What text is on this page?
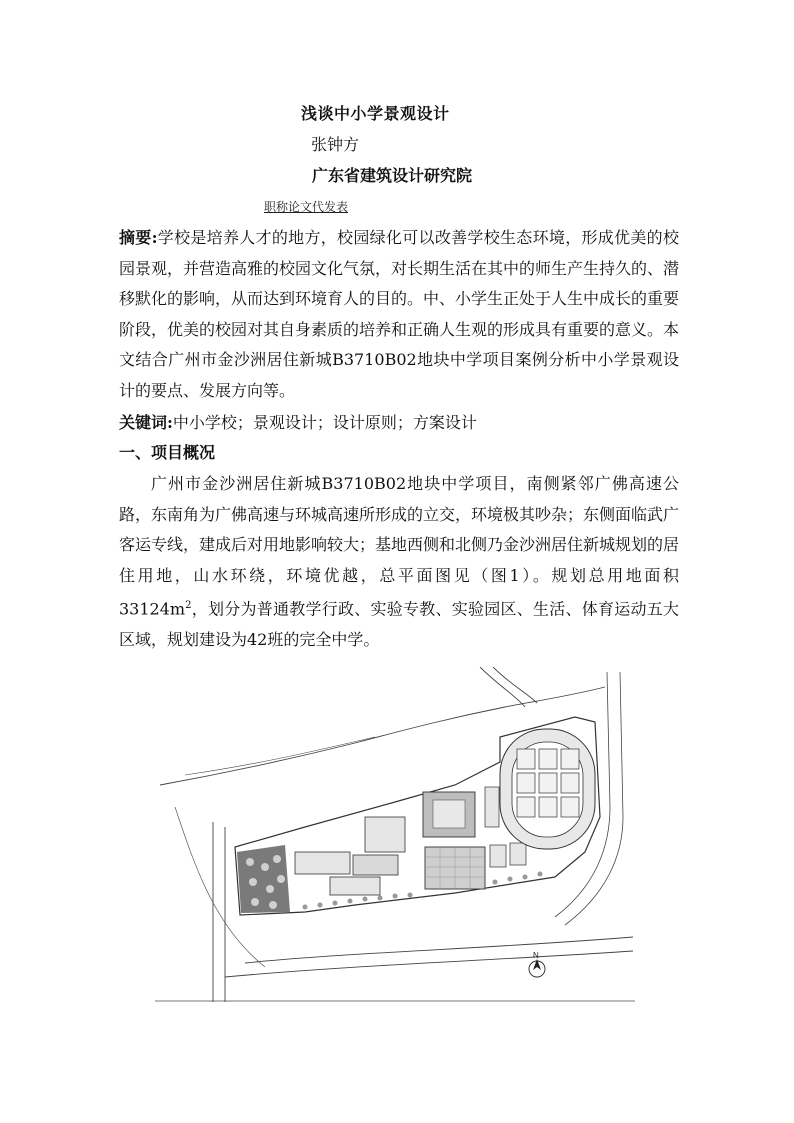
浅谈中小学景观设计
张钟方
广东省建筑设计研究院
职称论文代发表

摘要:学校是培养人才的地方，校园绿化可以改善学校生态环境，形成优美的校园景观，并营造高雅的校园文化气氛，对长期生活在其中的师生产生持久的、潜移默化的影响，从而达到环境育人的目的。中、小学生正处于人生中成长的重要阶段，优美的校园对其自身素质的培养和正确人生观的形成具有重要的意义。本文结合广州市金沙洲居住新城B3710B02地块中学项目案例分析中小学景观设计的要点、发展方向等。

关键词:中小学校；景观设计；设计原则；方案设计

一、项目概况

广州市金沙洲居住新城B3710B02地块中学项目，南侧紧邻广佛高速公路，东南角为广佛高速与环城高速所形成的立交，环境极其吵杂；东侧面临武广客运专线，建成后对用地影响较大；基地西侧和北侧乃金沙洲居住新城规划的居住用地，山水环绕，环境优越，总平面图见（图1）。规划总用地面积$33124m^2$，划分为普通教学行政、实验专教、实验园区、生活、体育运动五大区域，规划建设为42班的完全中学。

N
